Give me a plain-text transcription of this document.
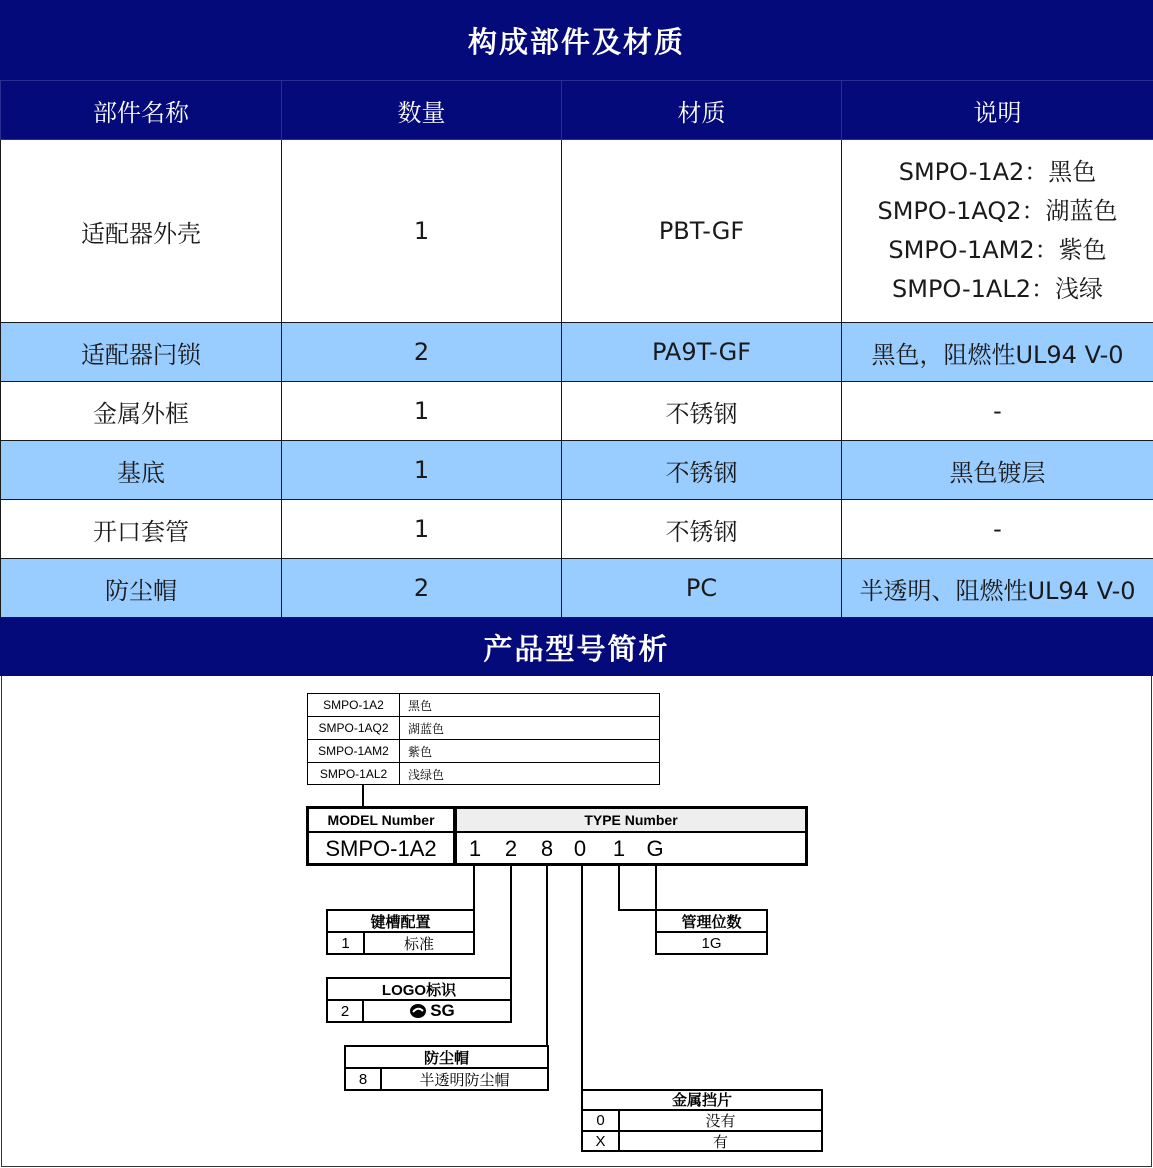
构成部件及材质
部件名称	数量	材质	说明
适配器外壳	1	PBT-GF	SMPO-1A2：黑色
SMPO-1AQ2：湖蓝色
SMPO-1AM2：紫色
SMPO-1AL2：浅绿

适配器闩锁	2	PA9T-GF	黑色，阻燃性UL94 V-0
金属外框	1	不锈钢	-
基底	1	不锈钢	黑色镀层
开口套管	1	不锈钢	-
防尘帽	2	PC	半透明、阻燃性UL94 V-0
产品型号简析
SMPO-1A2	黑色
SMPO-1AQ2	湖蓝色
SMPO-1AM2	紫色
SMPO-1AL2	浅绿色
MODEL Number	TYPE Number
SMPO-1A2	1 2 8 0 1 G
键槽配置
1	标准
LOGO标识
2	SG
防尘帽
8	半透明防尘帽
金属挡片
0	没有
X	有
管理位数
1G
